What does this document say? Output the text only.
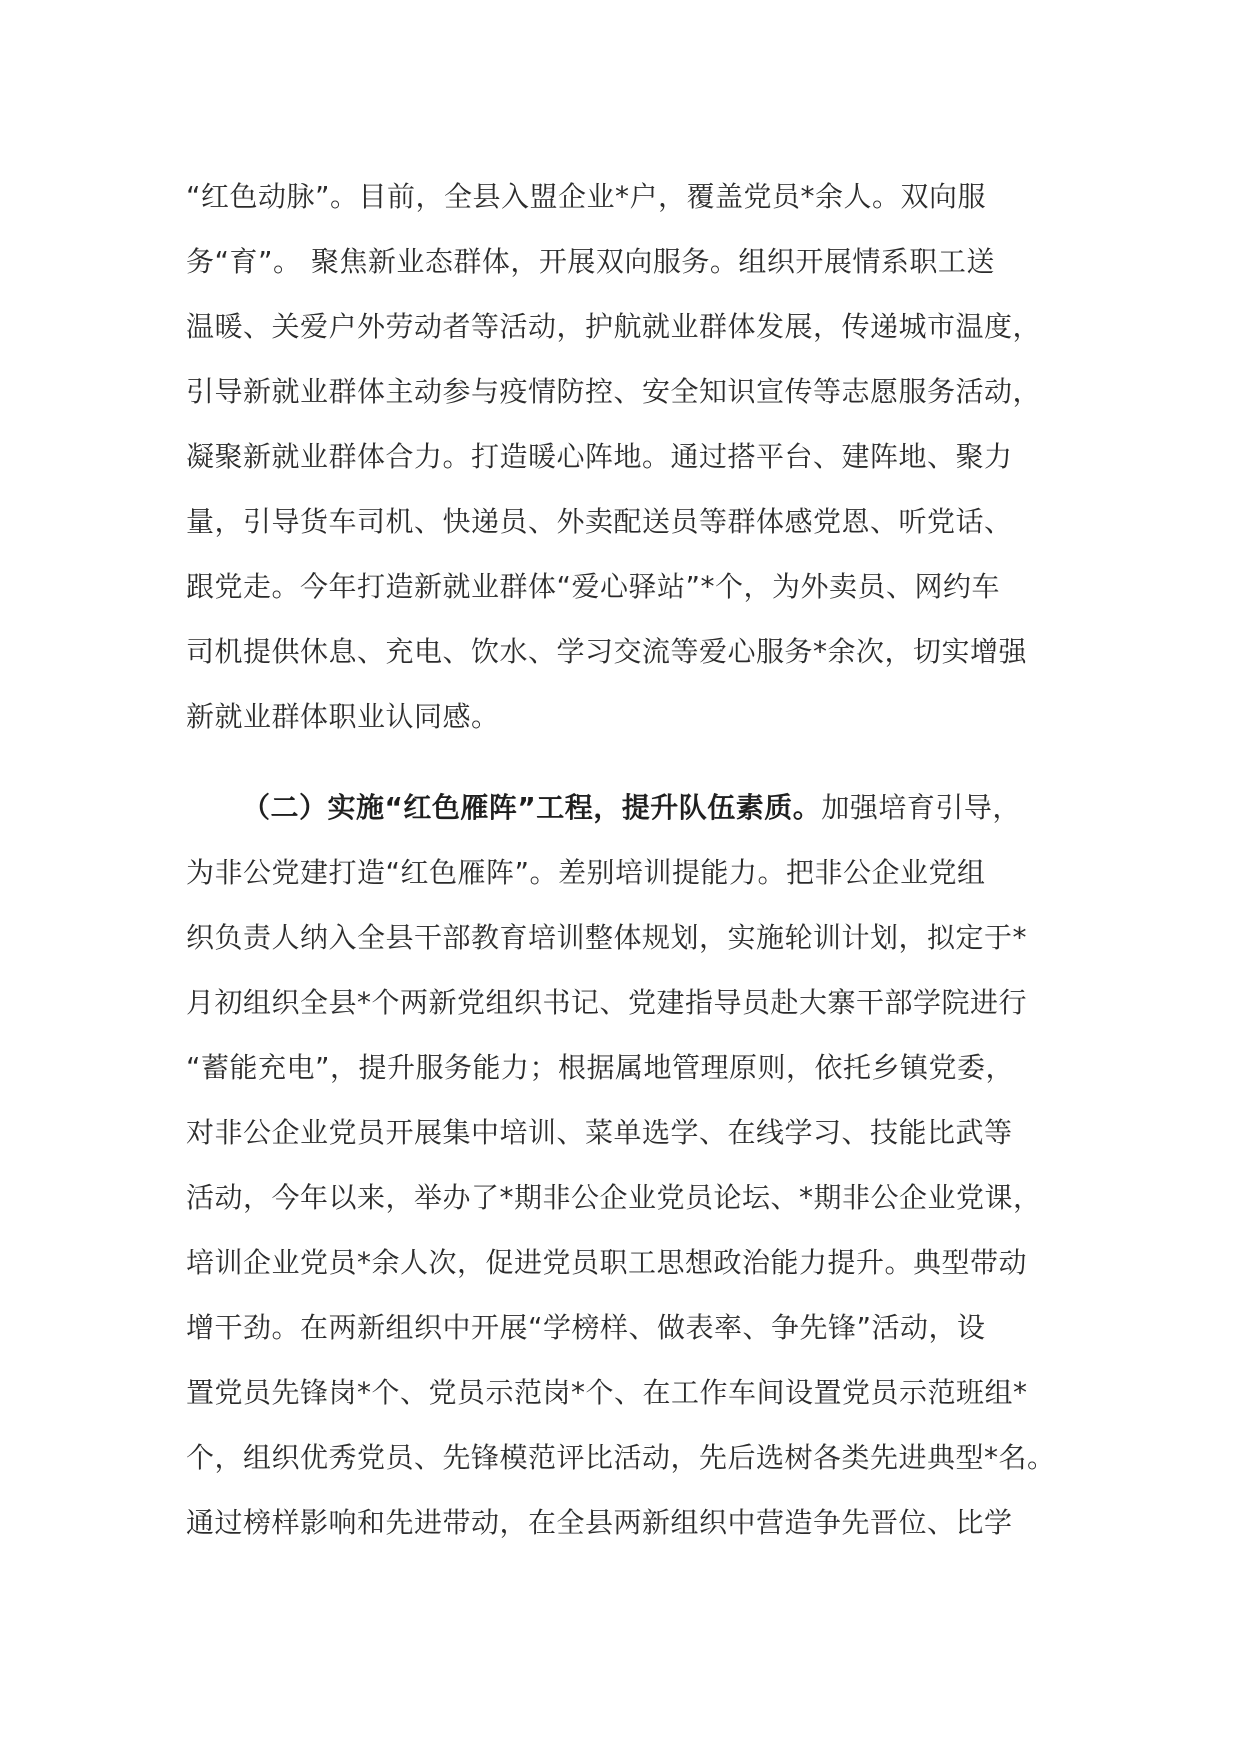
“红色动脉”。目前，全县入盟企业*户，覆盖党员*余人。双向服
务“育”。 聚焦新业态群体，开展双向服务。组织开展情系职工送
温暖、关爱户外劳动者等活动，护航就业群体发展，传递城市温度，
引导新就业群体主动参与疫情防控、安全知识宣传等志愿服务活动，
凝聚新就业群体合力。打造暖心阵地。通过搭平台、建阵地、聚力
量，引导货车司机、快递员、外卖配送员等群体感党恩、听党话、
跟党走。今年打造新就业群体“爱心驿站”*个，为外卖员、网约车
司机提供休息、充电、饮水、学习交流等爱心服务*余次，切实增强
新就业群体职业认同感。
（二）实施“红色雁阵”工程，提升队伍素质。加强培育引导，
为非公党建打造“红色雁阵”。差别培训提能力。把非公企业党组
织负责人纳入全县干部教育培训整体规划，实施轮训计划，拟定于*
月初组织全县*个两新党组织书记、党建指导员赴大寨干部学院进行
“蓄能充电”，提升服务能力；根据属地管理原则，依托乡镇党委，
对非公企业党员开展集中培训、菜单选学、在线学习、技能比武等
活动，今年以来，举办了*期非公企业党员论坛、*期非公企业党课，
培训企业党员*余人次，促进党员职工思想政治能力提升。典型带动
增干劲。在两新组织中开展“学榜样、做表率、争先锋”活动，设
置党员先锋岗*个、党员示范岗*个、在工作车间设置党员示范班组*
个，组织优秀党员、先锋模范评比活动，先后选树各类先进典型*名。
通过榜样影响和先进带动，在全县两新组织中营造争先晋位、比学
